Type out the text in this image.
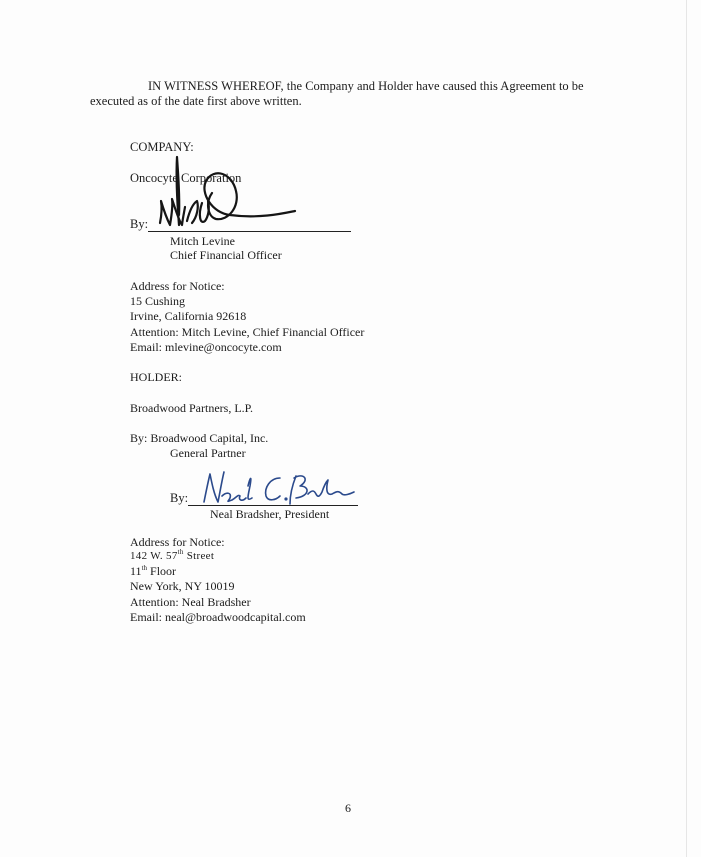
IN WITNESS WHEREOF, the Company and Holder have caused this Agreement to be
executed as of the date first above written.
COMPANY:
Oncocyte Corporation
By:
Mitch Levine
Chief Financial Officer
Address for Notice:
15 Cushing
Irvine, California 92618
Attention: Mitch Levine, Chief Financial Officer
Email: mlevine@oncocyte.com
HOLDER:
Broadwood Partners, L.P.
By: Broadwood Capital, Inc.
General Partner
By:
Neal Bradsher, President
Address for Notice:
142 W. 57th Street
11th Floor
New York, NY 10019
Attention: Neal Bradsher
Email: neal@broadwoodcapital.com
6
